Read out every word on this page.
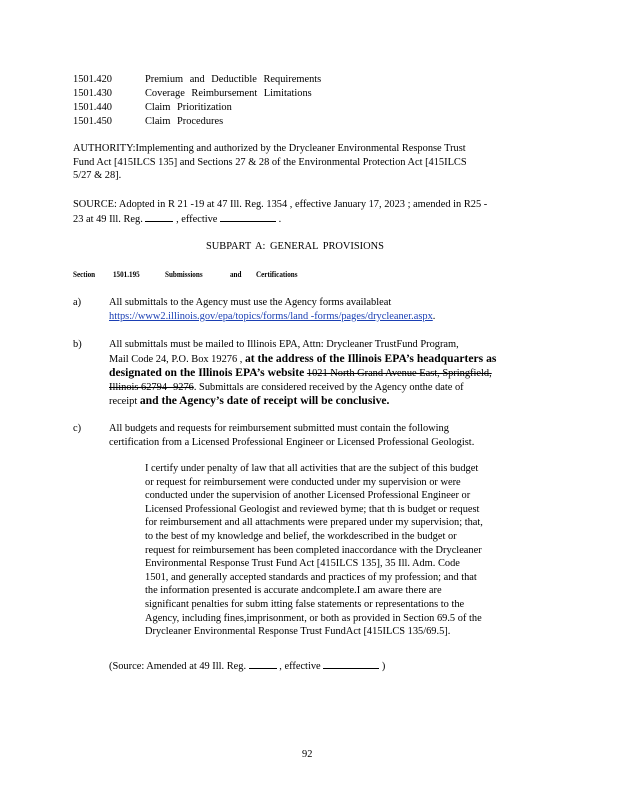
1501.420	Premium and Deductible Requirements
1501.430	Coverage Reimbursement Limitations
1501.440	Claim Prioritization
1501.450	Claim Procedures
AUTHORITY:Implementing and authorized by the Drycleaner Environmental Response Trust
Fund Act [415ILCS 135] and Sections 27 & 28 of the Environmental Protection Act [415ILCS
5/27 & 28].
SOURCE: Adopted in R 21 -19 at 47 Ill. Reg. 1354 , effective January 17, 2023 ; amended in R25 -
23 at 49 Ill. Reg.	, effective	.
SUBPART A: GENERAL PROVISIONS
Section 1501.195	Submissions	and Certifications
a)	All submittals to the Agency must use the Agency forms availableat
https://www2.illinois.gov/epa/topics/forms/land -forms/pages/drycleaner.aspx.
b)	All submittals must be mailed to Illinois EPA, Attn: Drycleaner TrustFund Program,
Mail Code 24, P.O. Box 19276 , at the address of the Illinois EPA’s headquarters as
designated on the Illinois EPA’s website 1021 North Grand Avenue East, Springfield,
Illinois 62794 -9276. Submittals are considered received by the Agency onthe date of
receipt and the Agency’s date of receipt will be conclusive.
c)	All budgets and requests for reimbursement submitted must contain the following
certification from a Licensed Professional Engineer or Licensed Professional Geologist.
I certify under penalty of law that all activities that are the subject of this budget
or request for reimbursement were conducted under my supervision or were
conducted under the supervision of another Licensed Professional Engineer or
Licensed Professional Geologist and reviewed byme; that th is budget or request
for reimbursement and all attachments were prepared under my supervision; that,
to the best of my knowledge and belief, the workdescribed in the budget or
request for reimbursement has been completed inaccordance with the Drycleaner
Environmental Response Trust Fund Act [415ILCS 135], 35 Ill. Adm. Code
1501, and generally accepted standards and practices of my profession; and that
the information presented is accurate andcomplete.I am aware there are
significant penalties for subm itting false statements or representations to the
Agency, including fines,imprisonment, or both as provided in Section 69.5 of the
Drycleaner Environmental Response Trust FundAct [415ILCS 135/69.5].
(Source: Amended at 49 Ill. Reg.	, effective	)
92
